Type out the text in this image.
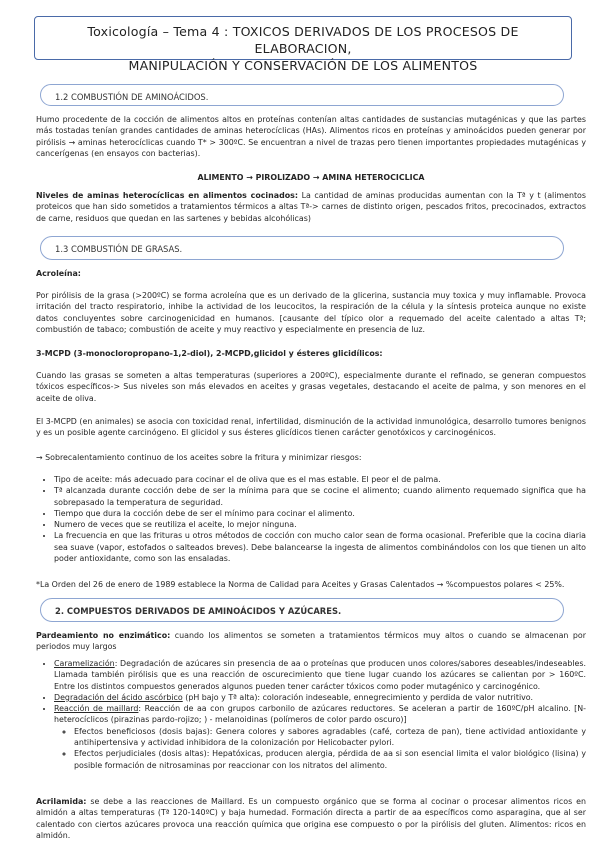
Toxicología – Tema 4 : TOXICOS DERIVADOS DE LOS PROCESOS DE ELABORACION,
MANIPULACIÓN Y CONSERVACIÓN DE LOS ALIMENTOS
1.2 COMBUSTIÓN DE AMINOÁCIDOS.
Humo procedente de la cocción de alimentos altos en proteínas contenían altas cantidades de sustancias mutagénicas y que las partes más tostadas tenían grandes cantidades de aminas heterocíclicas (HAs). Alimentos ricos en proteínas y aminoácidos pueden generar por pirólisis → aminas heterocíclicas cuando T* > 300ºC. Se encuentran a nivel de trazas pero tienen importantes propiedades mutagénicas y cancerígenas (en ensayos con bacterias).
ALIMENTO → PIROLIZADO → AMINA HETEROCICLICA
Niveles de aminas heterocíclicas en alimentos cocinados: La cantidad de aminas producidas aumentan con la Tª y t (alimentos proteicos que han sido sometidos a tratamientos térmicos a altas Tª-> carnes de distinto origen, pescados fritos, precocinados, extractos de carne, residuos que quedan en las sartenes y bebidas alcohólicas)
1.3 COMBUSTIÓN DE GRASAS.
Acroleína:
Por pirólisis de la grasa (>200ºC) se forma acroleína que es un derivado de la glicerina, sustancia muy toxica y muy inflamable. Provoca irritación del tracto respiratorio, inhibe la actividad de los leucocitos, la respiración de la célula y la síntesis proteica aunque no existe datos concluyentes sobre carcinogenicidad en humanos. [causante del típico olor a requemado del aceite calentado a altas Tª; combustión de tabaco; combustión de aceite y muy reactivo y especialmente en presencia de luz.
3-MCPD (3-monocloropropano-1,2-diol), 2-MCPD,glicidol y ésteres glicidílicos:
Cuando las grasas se someten a altas temperaturas (superiores a 200ºC), especialmente durante el refinado, se generan compuestos tóxicos específicos-> Sus niveles son más elevados en aceites y grasas vegetales, destacando el aceite de palma, y son menores en el aceite de oliva.
El 3-MCPD (en animales) se asocia con toxicidad renal, infertilidad, disminución de la actividad inmunológica, desarrollo tumores benignos y es un posible agente carcinógeno. El glicidol y sus ésteres glicídicos tienen carácter genotóxicos y carcinogénicos.
→ Sobrecalentamiento continuo de los aceites sobre la fritura y minimizar riesgos:
• Tipo de aceite: más adecuado para cocinar el de oliva que es el mas estable. El peor el de palma.
• Tª alcanzada durante cocción debe de ser la mínima para que se cocine el alimento; cuando alimento requemado significa que ha sobrepasado la temperatura de seguridad.
• Tiempo que dura la cocción debe de ser el mínimo para cocinar el alimento.
• Numero de veces que se reutiliza el aceite, lo mejor ninguna.
• La frecuencia en que las frituras u otros métodos de cocción con mucho calor sean de forma ocasional. Preferible que la cocina diaria sea suave (vapor, estofados o salteados breves). Debe balancearse la ingesta de alimentos combinándolos con los que tienen un alto poder antioxidante, como son las ensaladas.
*La Orden del 26 de enero de 1989 establece la Norma de Calidad para Aceites y Grasas Calentados → %compuestos polares < 25%.
2. COMPUESTOS DERIVADOS DE AMINOÁCIDOS Y AZÚCARES.
Pardeamiento no enzimático: cuando los alimentos se someten a tratamientos térmicos muy altos o cuando se almacenan por periodos muy largos
• Caramelización: Degradación de azúcares sin presencia de aa o proteínas que producen unos colores/sabores deseables/indeseables. Llamada también pirólisis que es una reacción de oscurecimiento que tiene lugar cuando los azúcares se calientan por > 160ºC. Entre los distintos compuestos generados algunos pueden tener carácter tóxicos como poder mutagénico y carcinogénico.
• Degradación del ácido ascórbico (pH bajo y Tª alta): coloración indeseable, ennegrecimiento y perdida de valor nutritivo.
• Reacción de maillard: Reacción de aa con grupos carbonilo de azúcares reductores. Se aceleran a partir de 160ºC/pH alcalino. [N-heterocíclicos (pirazinas pardo-rojizo; ) - melanoidinas (polímeros de color pardo oscuro)]
◦ Efectos beneficiosos (dosis bajas): Genera colores y sabores agradables (café, corteza de pan), tiene actividad antioxidante y antihipertensiva y actividad inhibidora de la colonización por Helicobacter pylori.
◦ Efectos perjudiciales (dosis altas): Hepatóxicas, producen alergia, pérdida de aa si son esencial limita el valor biológico (lisina) y posible formación de nitrosaminas por reaccionar con los nitratos del alimento.
Acrilamida: se debe a las reacciones de Maillard. Es un compuesto orgánico que se forma al cocinar o procesar alimentos ricos en almidón a altas temperaturas (Tª 120-140ºC) y baja humedad. Formación directa a partir de aa específicos como asparagina, que al ser calentado con ciertos azúcares provoca una reacción química que origina ese compuesto o por la pirólisis del gluten. Alimentos: ricos en almidón.
